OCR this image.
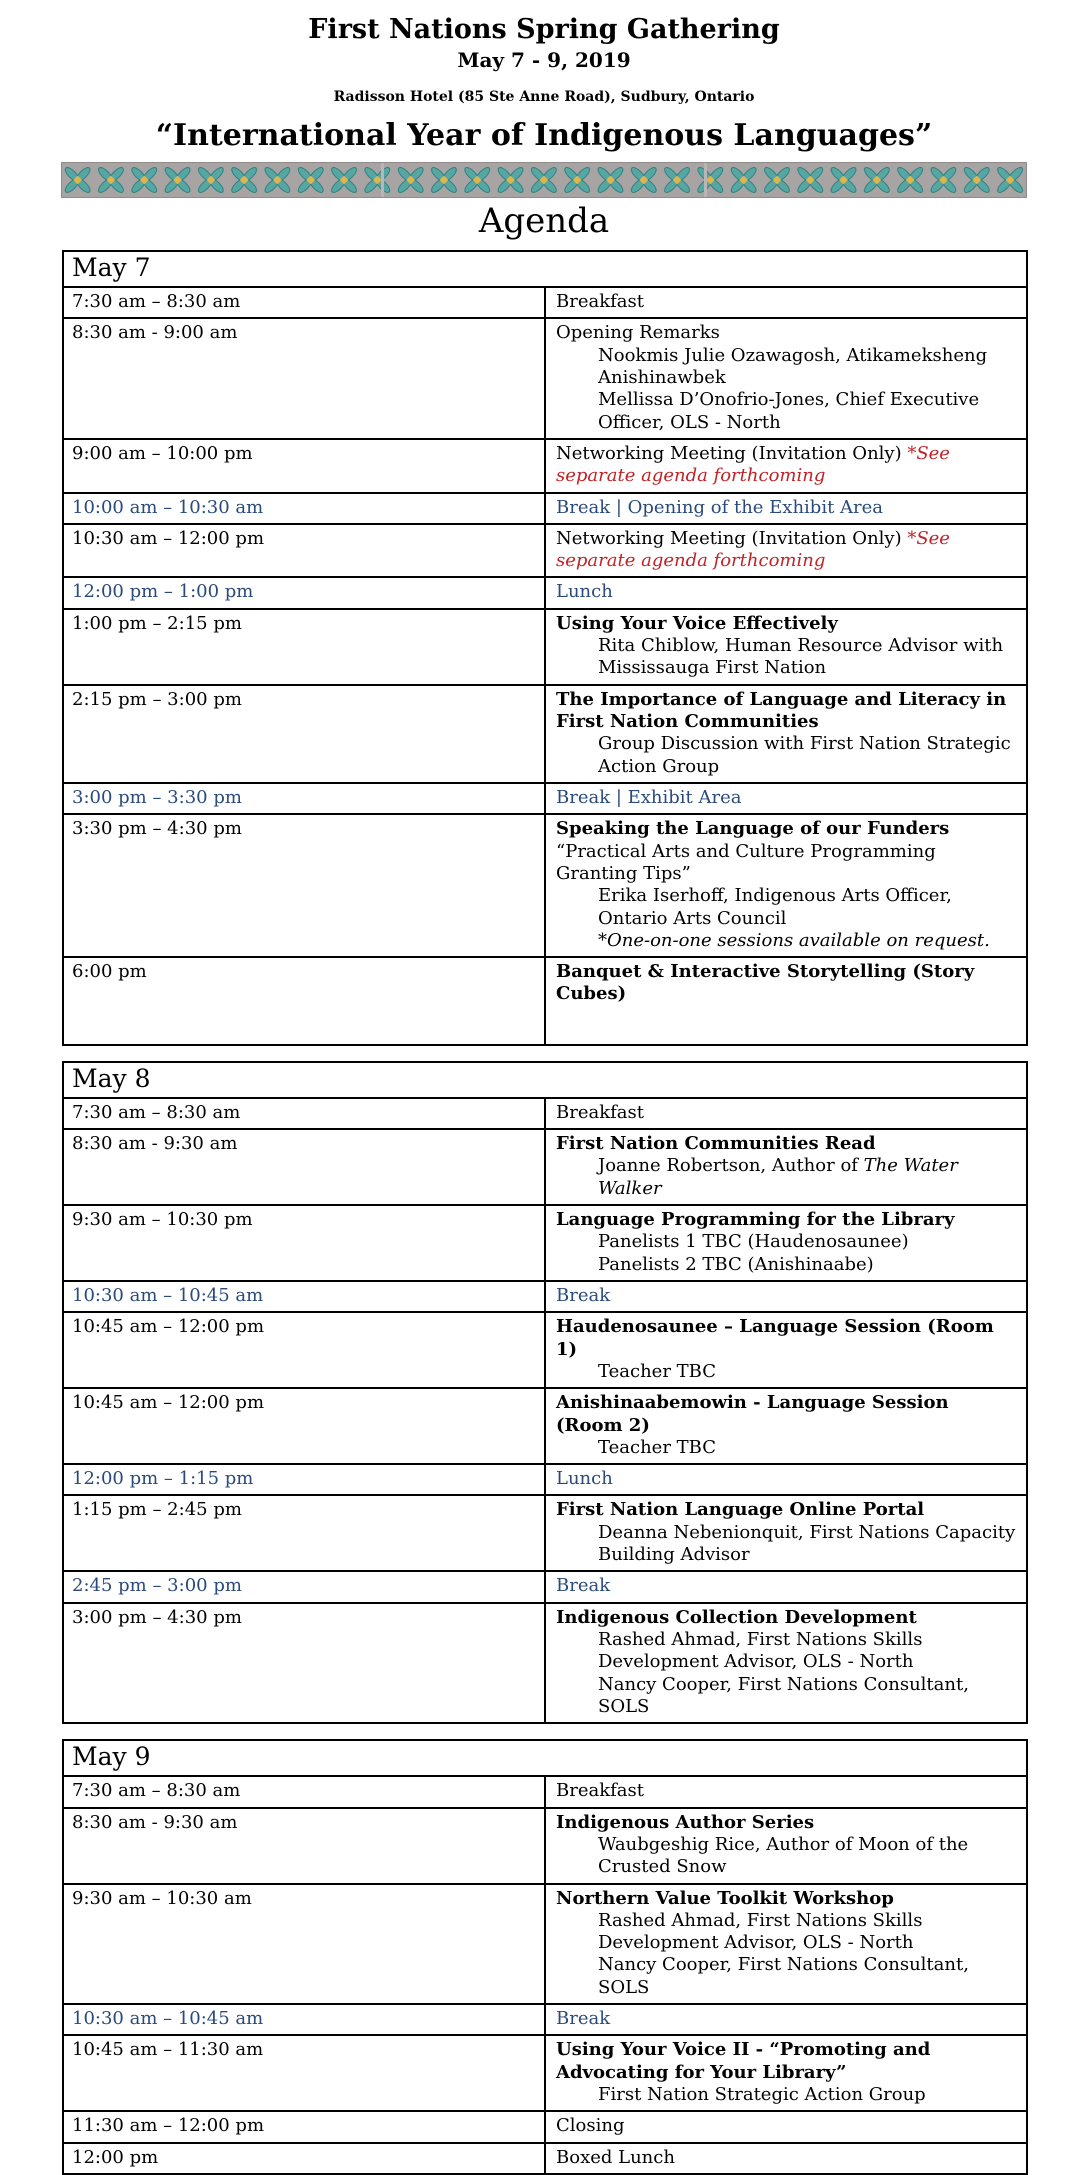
First Nations Spring Gathering
May 7 - 9, 2019
Radisson Hotel (85 Ste Anne Road), Sudbury, Ontario
“International Year of Indigenous Languages”
Agenda
May 7	
7:30 am – 8:30 am	Breakfast

8:30 am - 9:00 am	Opening Remarks
Nookmis Julie Ozawagosh, Atikameksheng Anishinawbek
Mellissa D’Onofrio-Jones, Chief Executive Officer, OLS - North

9:00 am – 10:00 pm	Networking Meeting (Invitation Only) *See separate agenda forthcoming

10:00 am – 10:30 am	Break | Opening of the Exhibit Area

10:30 am – 12:00 pm	Networking Meeting (Invitation Only) *See separate agenda forthcoming

12:00 pm – 1:00 pm	Lunch

1:00 pm – 2:15 pm	Using Your Voice Effectively
Rita Chiblow, Human Resource Advisor with Mississauga First Nation

2:15 pm – 3:00 pm	The Importance of Language and Literacy in First Nation Communities
Group Discussion with First Nation Strategic Action Group

3:00 pm – 3:30 pm	Break | Exhibit Area

3:30 pm – 4:30 pm	Speaking the Language of our Funders
“Practical Arts and Culture Programming Granting Tips”
Erika Iserhoff, Indigenous Arts Officer, Ontario Arts Council
*One-on-one sessions available on request.

6:00 pm	Banquet & Interactive Storytelling (Story Cubes)
May 8	
7:30 am – 8:30 am	Breakfast

8:30 am - 9:30 am	First Nation Communities Read
Joanne Robertson, Author of The Water Walker

9:30 am – 10:30 pm	Language Programming for the Library
Panelists 1 TBC (Haudenosaunee)
Panelists 2 TBC (Anishinaabe)

10:30 am – 10:45 am	Break

10:45 am – 12:00 pm	Haudenosaunee – Language Session (Room 1)
Teacher TBC

10:45 am – 12:00 pm	Anishinaabemowin - Language Session (Room 2)
Teacher TBC

12:00 pm – 1:15 pm	Lunch

1:15 pm – 2:45 pm	First Nation Language Online Portal
Deanna Nebenionquit, First Nations Capacity Building Advisor

2:45 pm – 3:00 pm	Break

3:00 pm – 4:30 pm	Indigenous Collection Development
Rashed Ahmad, First Nations Skills Development Advisor, OLS - North
Nancy Cooper, First Nations Consultant, SOLS
May 9	
7:30 am – 8:30 am	Breakfast

8:30 am - 9:30 am	Indigenous Author Series
Waubgeshig Rice, Author of Moon of the Crusted Snow

9:30 am – 10:30 am	Northern Value Toolkit Workshop
Rashed Ahmad, First Nations Skills Development Advisor, OLS - North
Nancy Cooper, First Nations Consultant, SOLS

10:30 am – 10:45 am	Break

10:45 am – 11:30 am	Using Your Voice II - “Promoting and Advocating for Your Library”
First Nation Strategic Action Group

11:30 am – 12:00 pm	Closing

12:00 pm	Boxed Lunch
